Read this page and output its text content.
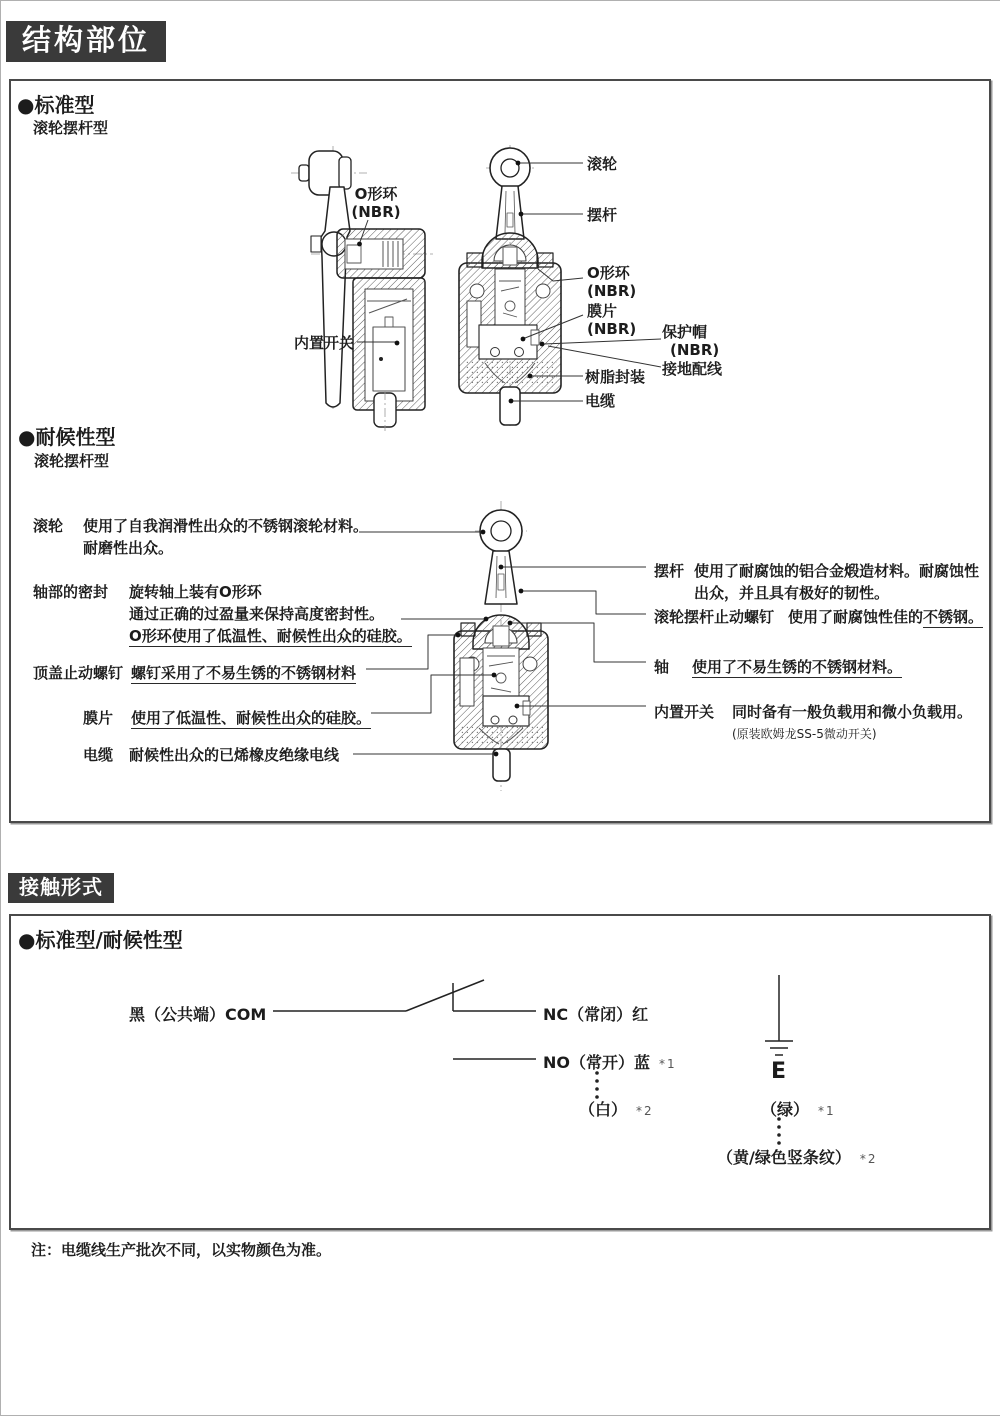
结构部位
●标准型
滚轮摆杆型
O形环
(NBR)
内置开关
滚轮
摆杆
O形环
(NBR)
膜片
(NBR) 保护帽
(NBR)
接地配线
树脂封装
电缆
●耐候性型
滚轮摆杆型
滚轮 使用了自我润滑性出众的不锈钢滚轮材料。
耐磨性出众。
轴部的密封 旋转轴上装有O形环
通过正确的过盈量来保持高度密封性。
O形环使用了低温性、耐候性出众的硅胶。
顶盖止动螺钉 螺钉采用了不易生锈的不锈钢材料
膜片 使用了低温性、耐候性出众的硅胶。
电缆 耐候性出众的已烯橡皮绝缘电线
摆杆 使用了耐腐蚀的铝合金煅造材料。耐腐蚀性
出众，并且具有极好的韧性。
滚轮摆杆止动螺钉 使用了耐腐蚀性佳的不锈钢。
轴 使用了不易生锈的不锈钢材料。
内置开关 同时备有一般负载用和微小负载用。
(原装欧姆龙SS-5微动开关)
接触形式
●标准型/耐候性型
黑（公共端）COM	NC（常闭）红
NO（常开）蓝 *1
（白） *2
E
（绿） *1
（黄/绿色竖条纹） *2
注：电缆线生产批次不同，以实物颜色为准。
